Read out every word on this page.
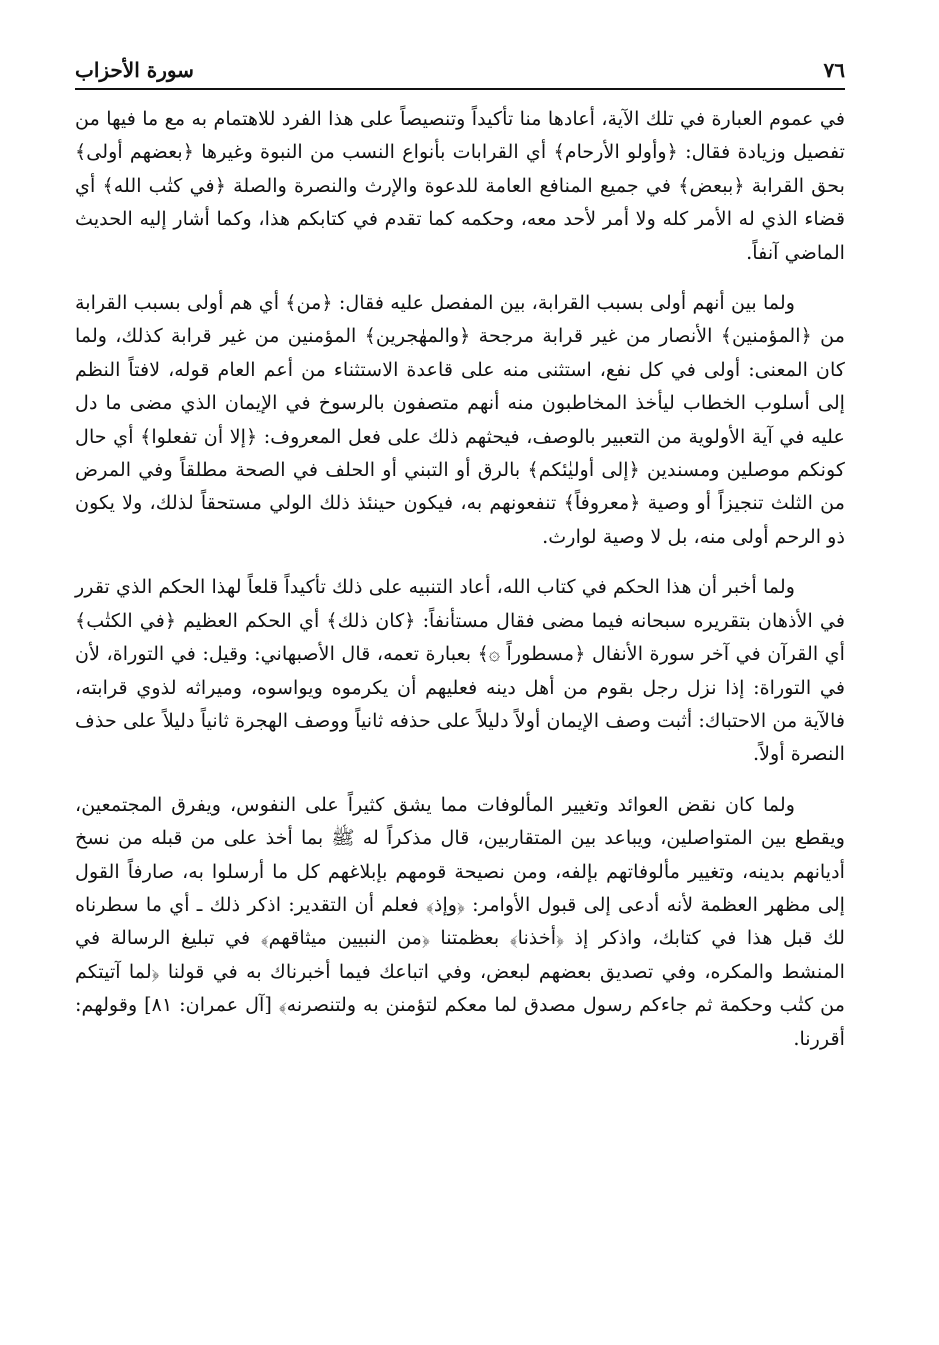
٧٦
سورة الأحزاب

في عموم العبارة في تلك الآية، أعادها منا تأكيداً وتنصيصاً على هذا الفرد للاهتمام به مع ما فيها من تفصيل وزيادة فقال: ﴿وأولو الأرحام﴾ أي القرابات بأنواع النسب من النبوة وغيرها ﴿بعضهم أولى﴾ بحق القرابة ﴿ببعض﴾ في جميع المنافع العامة للدعوة والإرث والنصرة والصلة ﴿في كتٰب الله﴾ أي قضاء الذي له الأمر كله ولا أمر لأحد معه، وحكمه كما تقدم في كتابكم هذا، وكما أشار إليه الحديث الماضي آنفاً.

ولما بين أنهم أولى بسبب القرابة، بين المفصل عليه فقال: ﴿من﴾ أي هم أولى بسبب القرابة من ﴿المؤمنين﴾ الأنصار من غير قرابة مرجحة ﴿والمهٰجرين﴾ المؤمنين من غير قرابة كذلك، ولما كان المعنى: أولى في كل نفع، استثنى منه على قاعدة الاستثناء من أعم العام قوله، لافتاً النظم إلى أسلوب الخطاب ليأخذ المخاطبون منه أنهم متصفون بالرسوخ في الإيمان الذي مضى ما دل عليه في آية الأولوية من التعبير بالوصف، فيحثهم ذلك على فعل المعروف: ﴿إلا أن تفعلوا﴾ أي حال كونكم موصلين ومسندين ﴿إلى أوليٰئكم﴾ بالرق أو التبني أو الحلف في الصحة مطلقاً وفي المرض من الثلث تنجيزاً أو وصية ﴿معروفاً﴾ تنفعونهم به، فيكون حينئذ ذلك الولي مستحقاً لذلك، ولا يكون ذو الرحم أولى منه، بل لا وصية لوارث.

ولما أخبر أن هذا الحكم في كتاب الله، أعاد التنبيه على ذلك تأكيداً قلعاً لهذا الحكم الذي تقرر في الأذهان بتقريره سبحانه فيما مضى فقال مستأنفاً: ﴿كان ذلك﴾ أي الحكم العظيم ﴿في الكتٰب﴾ أي القرآن في آخر سورة الأنفال ﴿مسطوراً ۞﴾ بعبارة تعمه، قال الأصبهاني: وقيل: في التوراة، لأن في التوراة: إذا نزل رجل بقوم من أهل دينه فعليهم أن يكرموه ويواسوه، وميراثه لذوي قرابته، فالآية من الاحتباك: أثبت وصف الإيمان أولاً دليلاً على حذفه ثانياً ووصف الهجرة ثانياً دليلاً على حذف النصرة أولاً.

ولما كان نقض العوائد وتغيير المألوفات مما يشق كثيراً على النفوس، ويفرق المجتمعين، ويقطع بين المتواصلين، ويباعد بين المتقاربين، قال مذكراً له ﷺ بما أخذ على من قبله من نسخ أديانهم بدينه، وتغيير مألوفاتهم بإلفه، ومن نصيحة قومهم بإبلاغهم كل ما أرسلوا به، صارفاً القول إلى مظهر العظمة لأنه أدعى إلى قبول الأوامر: ﴿وإذ﴾ فعلم أن التقدير: اذكر ذلك ـ أي ما سطرناه لك قبل هذا في كتابك، واذكر إذ ﴿أخذنا﴾ بعظمتنا ﴿من النبيين ميثاقهم﴾ في تبليغ الرسالة في المنشط والمكره، وفي تصديق بعضهم لبعض، وفي اتباعك فيما أخبرناك به في قولنا ﴿لما آتيتكم من كتٰب وحكمة ثم جاءكم رسول مصدق لما معكم لتؤمنن به ولتنصرنه﴾ [آل عمران: ٨١] وقولهم: أقررنا.
